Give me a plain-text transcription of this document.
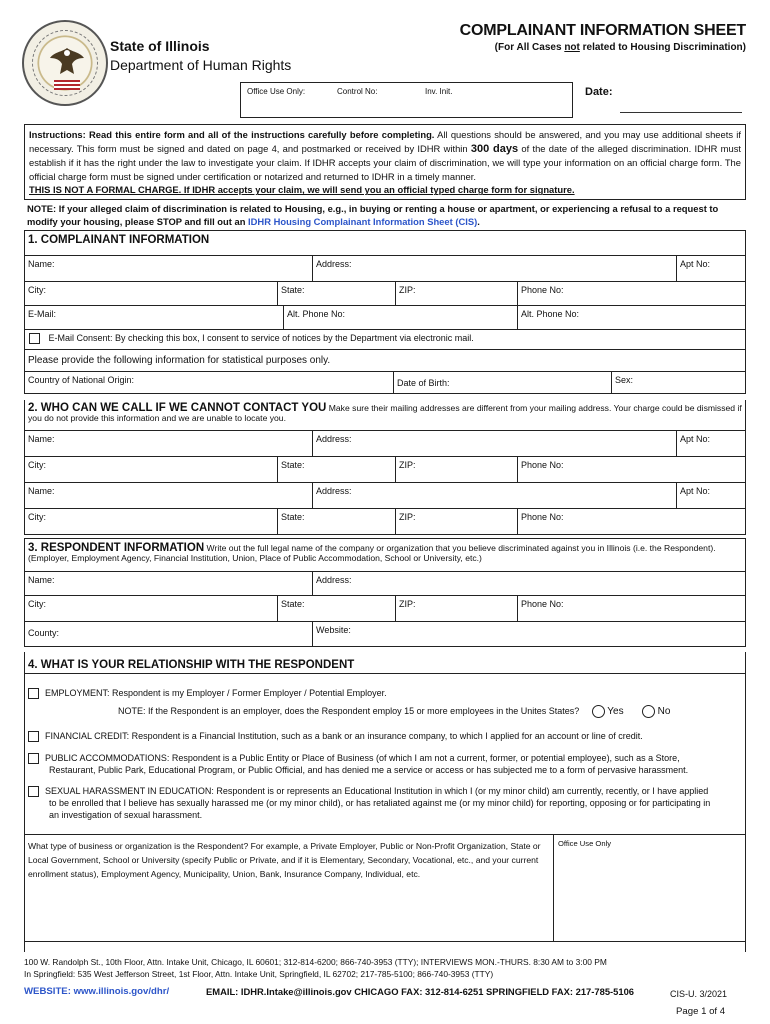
State of Illinois
Department of Human Rights
COMPLAINANT INFORMATION SHEET
(For All Cases not related to Housing Discrimination)
Office Use Only:	Control No:	Inv. Init.	Date:
Instructions: Read this entire form and all of the instructions carefully before completing. All questions should be answered, and you may use additional sheets if necessary. This form must be signed and dated on page 4, and postmarked or received by IDHR within 300 days of the date of the alleged discrimination. IDHR must establish if it has the right under the law to investigate your claim. If IDHR accepts your claim of discrimination, we will type your information on an official charge form. The official charge form must be signed under certification or notarized and returned to IDHR in a timely manner.
THIS IS NOT A FORMAL CHARGE. If IDHR accepts your claim, we will send you an official typed charge form for signature.
NOTE: If your alleged claim of discrimination is related to Housing, e.g., in buying or renting a house or apartment, or experiencing a refusal to a request to modify your housing, please STOP and fill out an IDHR Housing Complainant Information Sheet (CIS).
1. COMPLAINANT INFORMATION
Name:	Address:	Apt No:
City:	State:	ZIP:	Phone No:
E-Mail:	Alt. Phone No:	Alt. Phone No:
E-Mail Consent: By checking this box, I consent to service of notices by the Department via electronic mail.
Please provide the following information for statistical purposes only.
Country of National Origin:	Date of Birth:	Sex:
2. WHO CAN WE CALL IF WE CANNOT CONTACT YOU Make sure their mailing addresses are different from your mailing address. Your charge could be dismissed if you do not provide this information and we are unable to locate you.
Name:	Address:	Apt No:
City:	State:	ZIP:	Phone No:
Name:	Address:	Apt No:
City:	State:	ZIP:	Phone No:
3. RESPONDENT INFORMATION Write out the full legal name of the company or organization that you believe discriminated against you in Illinois (i.e. the Respondent). (Employer, Employment Agency, Financial Institution, Union, Place of Public Accommodation, School or University, etc.)
Name:	Address:
City:	State:	ZIP:	Phone No:
County:	Website:
4. WHAT IS YOUR RELATIONSHIP WITH THE RESPONDENT
EMPLOYMENT: Respondent is my Employer / Former Employer / Potential Employer.
NOTE: If the Respondent is an employer, does the Respondent employ 15 or more employees in the Unites States?	Yes	No
FINANCIAL CREDIT: Respondent is a Financial Institution, such as a bank or an insurance company, to which I applied for an account or line of credit.
PUBLIC ACCOMMODATIONS: Respondent is a Public Entity or Place of Business (of which I am not a current, former, or potential employee), such as a Store,
Restaurant, Public Park, Educational Program, or Public Official, and has denied me a service or access or has subjected me to a form of pervasive harassment.
SEXUAL HARASSMENT IN EDUCATION: Respondent is or represents an Educational Institution in which I (or my minor child) am currently, recently, or I have applied
to be enrolled that I believe has sexually harassed me (or my minor child), or has retaliated against me (or my minor child) for reporting, opposing or for participating in
an investigation of sexual harassment.
What type of business or organization is the Respondent? For example, a Private Employer, Public or Non-Profit Organization, State or Local Government, School or University (specify Public or Private, and if it is Elementary, Secondary, Vocational, etc., and your current enrollment status), Employment Agency, Municipality, Union, Bank, Insurance Company, Individual, etc.
Office Use Only
100 W. Randolph St., 10th Floor, Attn. Intake Unit, Chicago, IL 60601; 312-814-6200; 866-740-3953 (TTY); INTERVIEWS MON.-THURS. 8:30 AM to 3:00 PM
In Springfield: 535 West Jefferson Street, 1st Floor, Attn. Intake Unit, Springfield, IL 62702; 217-785-5100; 866-740-3953 (TTY)
WEBSITE: www.illinois.gov/dhr/	EMAIL: IDHR.Intake@illinois.gov CHICAGO FAX: 312-814-6251 SPRINGFIELD FAX: 217-785-5106	CIS-U. 3/2021
Page 1 of 4
